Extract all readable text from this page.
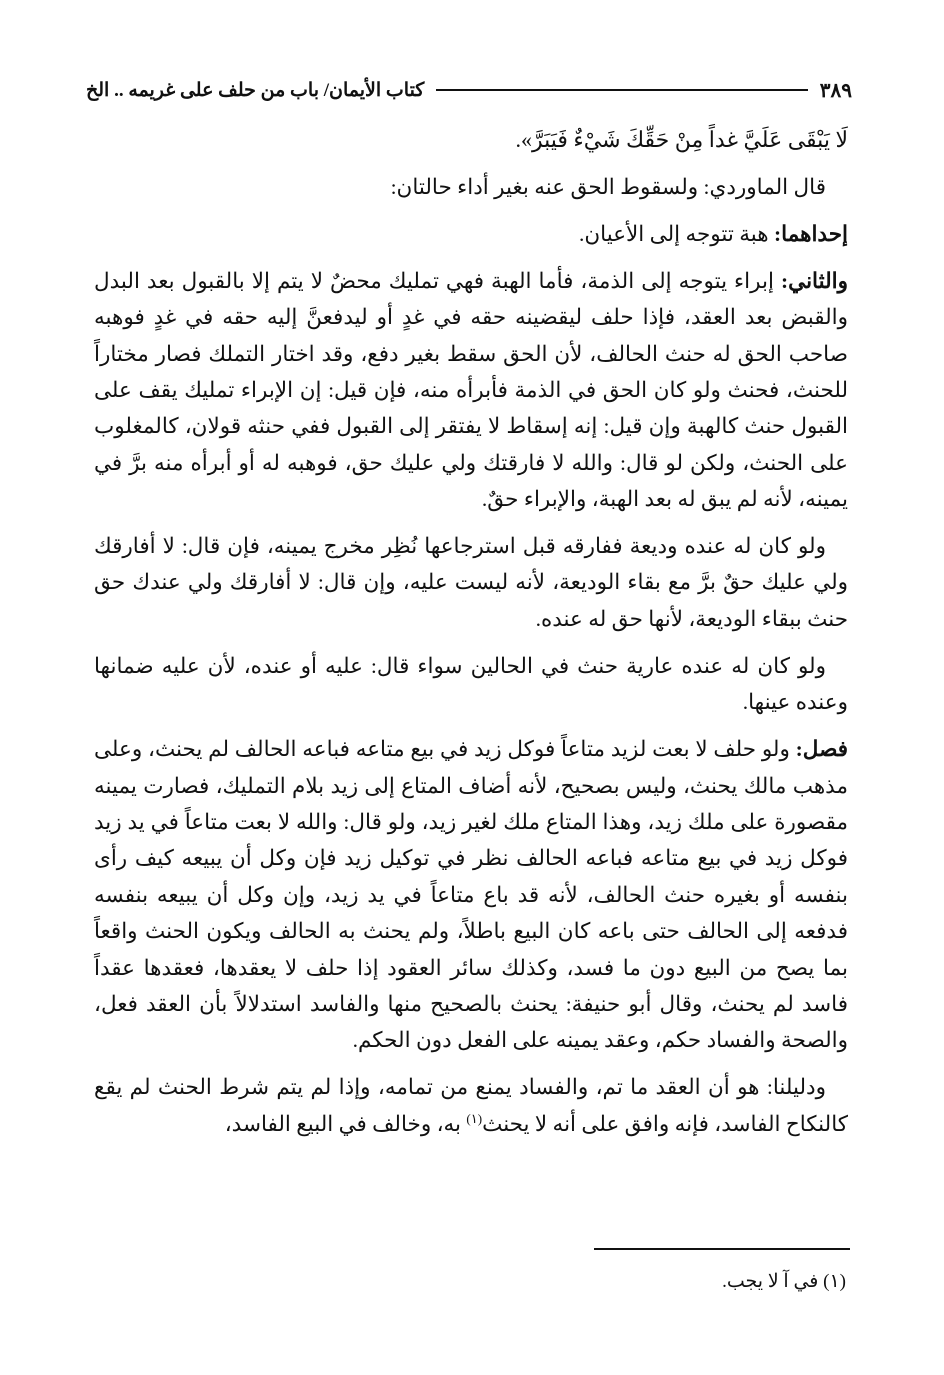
كتاب الأيمان/ باب من حلف على غريمه .. الخ	٣٨٩

لَا يَبْقَى عَلَيَّ غداً مِنْ حَقِّكَ شَيْءٌ فَيَبَرَّ».

قال الماوردي: ولسقوط الحق عنه بغير أداء حالتان:

إحداهما: هبة تتوجه إلى الأعيان.

والثاني: إبراء يتوجه إلى الذمة، فأما الهبة فهي تمليك محضٌ لا يتم إلا بالقبول بعد البدل والقبض بعد العقد، فإذا حلف ليقضينه حقه في غدٍ أو ليدفعنَّ إليه حقه في غدٍ فوهبه صاحب الحق له حنث الحالف، لأن الحق سقط بغير دفع، وقد اختار التملك فصار مختاراً للحنث، فحنث ولو كان الحق في الذمة فأبرأه منه، فإن قيل: إن الإبراء تمليك يقف على القبول حنث كالهبة وإن قيل: إنه إسقاط لا يفتقر إلى القبول ففي حنثه قولان، كالمغلوب على الحنث، ولكن لو قال: والله لا فارقتك ولي عليك حق، فوهبه له أو أبرأه منه برَّ في يمينه، لأنه لم يبق له بعد الهبة، والإبراء حقٌ.

ولو كان له عنده وديعة ففارقه قبل استرجاعها نُظِر مخرج يمينه، فإن قال: لا أفارقك ولي عليك حقٌ برَّ مع بقاء الوديعة، لأنه ليست عليه، وإن قال: لا أفارقك ولي عندك حق حنث ببقاء الوديعة، لأنها حق له عنده.

ولو كان له عنده عارية حنث في الحالين سواء قال: عليه أو عنده، لأن عليه ضمانها وعنده عينها.

فصل: ولو حلف لا بعت لزيد متاعاً فوكل زيد في بيع متاعه فباعه الحالف لم يحنث، وعلى مذهب مالك يحنث، وليس بصحيح، لأنه أضاف المتاع إلى زيد بلام التمليك، فصارت يمينه مقصورة على ملك زيد، وهذا المتاع ملك لغير زيد، ولو قال: والله لا بعت متاعاً في يد زيد فوكل زيد في بيع متاعه فباعه الحالف نظر في توكيل زيد فإن وكل أن يبيعه كيف رأى بنفسه أو بغيره حنث الحالف، لأنه قد باع متاعاً في يد زيد، وإن وكل أن يبيعه بنفسه فدفعه إلى الحالف حتى باعه كان البيع باطلاً، ولم يحنث به الحالف ويكون الحنث واقعاً بما يصح من البيع دون ما فسد، وكذلك سائر العقود إذا حلف لا يعقدها، فعقدها عقداً فاسد لم يحنث، وقال أبو حنيفة: يحنث بالصحيح منها والفاسد استدلالاً بأن العقد فعل، والصحة والفساد حكم، وعقد يمينه على الفعل دون الحكم.

ودليلنا: هو أن العقد ما تم، والفساد يمنع من تمامه، وإذا لم يتم شرط الحنث لم يقع كالنكاح الفاسد، فإنه وافق على أنه لا يحنث$^{(١)}$ به، وخالف في البيع الفاسد،

(١) في آ لا يجب.
